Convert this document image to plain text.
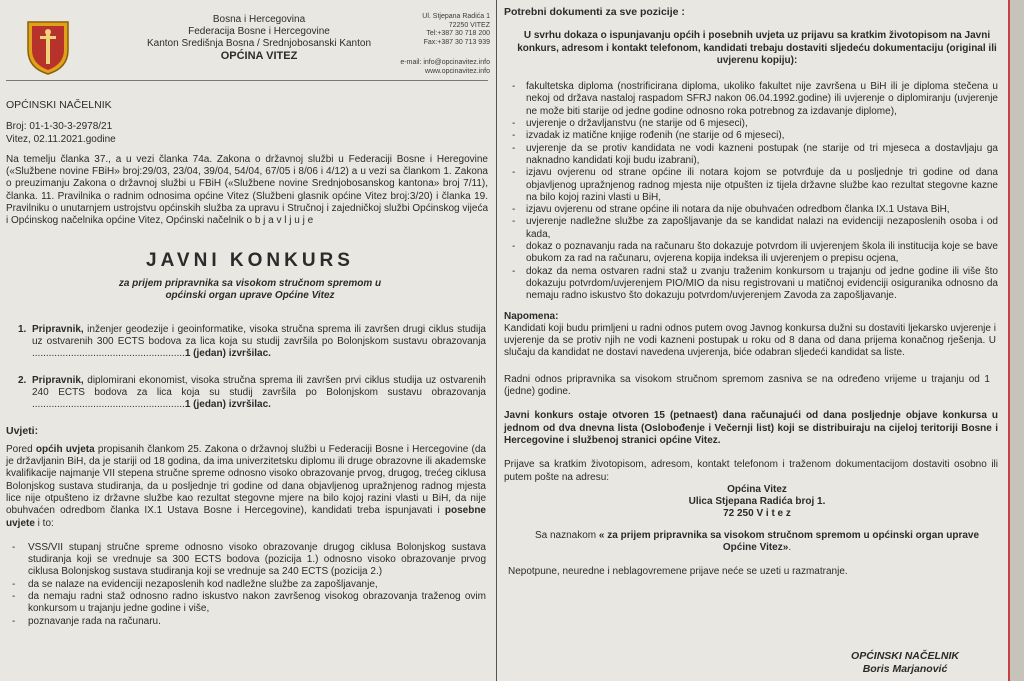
Bosna i Hercegovina
Federacija Bosne i Hercegovine
Kanton Središnja Bosna / Srednjobosanski Kanton
OPĆINA VITEZ
Ul. Stjepana Radića 1
72250 VITEZ
Tel:+387 30 718 200
Fax:+387 30 713 939
e-mail: info@opcinavitez.info
www.opcinavitez.info
OPĆINSKI NAČELNIK
Broj: 01-1-30-3-2978/21
Vitez, 02.11.2021.godine

Na temelju članka 37., a u vezi članka 74a. Zakona o državnoj službi u Federaciji Bosne i Heregovine («Službene novine FBiH» broj:29/03, 23/04, 39/04, 54/04, 67/05 i 8/06 i 4/12) a u vezi sa člankom 1. Zakona o preuzimanju Zakona o državnoj službi u FBiH («Službene novine Srednjobosanskog kantona» broj 7/11), članka. 11. Pravilnika o radnim odnosima općine Vitez (Službeni glasnik općine Vitez broj:3/20) i članka 19. Pravilniku o unutarnjem ustrojstvu općinskih služba za upravu i Stručnoj i zajedničkoj službi Općinskog vijeća i Općinskog načelnika općine Vitez, Općinski načelnik o b j a v l j u j e

JAVNI KONKURS
za prijem pripravnika sa visokom stručnom spremom u
općinski organ uprave Općine Vitez
1. Pripravnik, inženjer geodezije i geoinformatike, visoka stručna sprema ili završen drugi ciklus studija uz ostvarenih 300 ECTS bodova za lica koja su studij završila po Bolonjskom sustavu obrazovanja .......................................................1 (jedan) izvršilac.
2. Pripravnik, diplomirani ekonomist, visoka stručna sprema ili završen prvi ciklus studija uz ostvarenih 240 ECTS bodova za lica koja su studij završila po Bolonjskom sustavu obrazovanja .......................................................1 (jedan) izvršilac.
Uvjeti:

Pored općih uvjeta propisanih člankom 25. Zakona o državnoj službi u Federaciji Bosne i Hercegovine (da je državljanin BiH, da je stariji od 18 godina, da ima univerzitetsku diplomu ili druge obrazovne ili akademske kvalifikacije najmanje VII stepena stručne spreme odnosno visoko obrazovanje prvog, drugog, trećeg ciklusa Bolonjskog sustava studiranja, da u posljednje tri godine od dana objavljenog upražnjenog radnog mjesta lice nije otpušteno iz državne službe kao rezultat stegovne mjere na bilo kojoj razini vlasti u BiH, da nije obuhvaćen odredbom članka IX.1 Ustava Bosne i Hercegovine), kandidati treba ispunjavati i posebne uvjete i to:

- VSS/VII stupanj stručne spreme odnosno visoko obrazovanje drugog ciklusa Bolonjskog sustava studiranja koji se vrednuje sa 300 ECTS bodova (pozicija 1.) odnosno visoko obrazovanje prvog ciklusa Bolonjskog sustava studiranja koji se vrednuje sa 240 ECTS (pozicija 2.)
- da se nalaze na evidenciji nezaposlenih kod nadležne službe za zapošljavanje,
- da nemaju radni staž odnosno radno iskustvo nakon završenog visokog obrazovanja traženog ovim konkursom u trajanju jedne godine i više,
- poznavanje rada na računaru.
Potrebni dokumenti za sve pozicije :

U svrhu dokaza o ispunjavanju općih i posebnih uvjeta uz prijavu sa kratkim životopisom na Javni konkurs, adresom i kontakt telefonom, kandidati trebaju dostaviti sljedeću dokumentaciju (original ili uvjerenu kopiju):

- fakultetska diploma (nostrificirana diploma, ukoliko fakultet nije završena u BiH ili je diploma stečena u nekoj od država nastaloj raspadom SFRJ nakon 06.04.1992.godine) ili uvjerenje o diplomiranju (uvjerenje ne može biti starije od jedne godine odnosno roka potrebnog za izdavanje diplome),
- uvjerenje o državljanstvu (ne starije od 6 mjeseci),
- izvadak iz matične knjige rođenih (ne starije od 6 mjeseci),
- uvjerenje da se protiv kandidata ne vodi kazneni postupak (ne starije od tri mjeseca a dostavljaju ga naknadno kandidati koji budu izabrani),
- izjavu ovjerenu od strane općine ili notara kojom se potvrđuje da u posljednje tri godine od dana objavljenog upražnjenog radnog mjesta nije otpušten iz tijela državne službe kao rezultat stegovne kazne na bilo kojoj razini vlasti u BiH,
- izjavu ovjerenu od strane općine ili notara da nije obuhvaćen odredbom članka IX.1 Ustava BiH,
- uvjerenje nadležne službe za zapošljavanje da se kandidat nalazi na evidenciji nezaposlenih osoba i od kada,
- dokaz o poznavanju rada na računaru što dokazuje potvrdom ili uvjerenjem škola ili institucija koje se bave obukom za rad na računaru, ovjerena kopija indeksa ili uvjerenjem o prepisu ocjena,
- dokaz da nema ostvaren radni staž u zvanju traženim konkursom u trajanju od jedne godine ili više što dokazuju potvrdom/uvjerenjem PIO/MIO da nisu registrovani u matičnoj evidenciji osiguranika odnosno da nemaju radno iskustvo što dokazuju potvrdom/uvjerenjem Zavoda za zapošljavanje.
Napomena:

Kandidati koji budu primljeni u radni odnos putem ovog Javnog konkursa dužni su dostaviti ljekarsko uvjerenje i uvjerenje da se protiv njih ne vodi kazneni postupak u roku od 8 dana od dana prijema konačnog rješenja. U slučaju da kandidat ne dostavi navedena uvjerenja, biće odabran sljedeći kandidat sa liste.

Radni odnos pripravnika sa visokom stručnom spremom zasniva se na određeno vrijeme u trajanju od 1 (jedne) godine.

Javni konkurs ostaje otvoren 15 (petnaest) dana računajući od dana posljednje objave konkursa u jednom od dva dnevna lista (Oslobođenje i Večernji list) koji se distribuiraju na cijeloj teritoriji Bosne i Hercegovine i službenoj stranici općine Vitez.

Prijave sa kratkim životopisom, adresom, kontakt telefonom i traženom dokumentacijom dostaviti osobno ili putem pošte na adresu:

Općina Vitez
Ulica Stjepana Radića broj 1.
72 250 V i t e z

Sa naznakom « za prijem pripravnika sa visokom stručnom spremom u općinski organ uprave Općine Vitez».

Nepotpune, neuredne i neblagovremene prijave neće se uzeti u razmatranje.

OPĆINSKI NAČELNIK
Boris Marjanović
